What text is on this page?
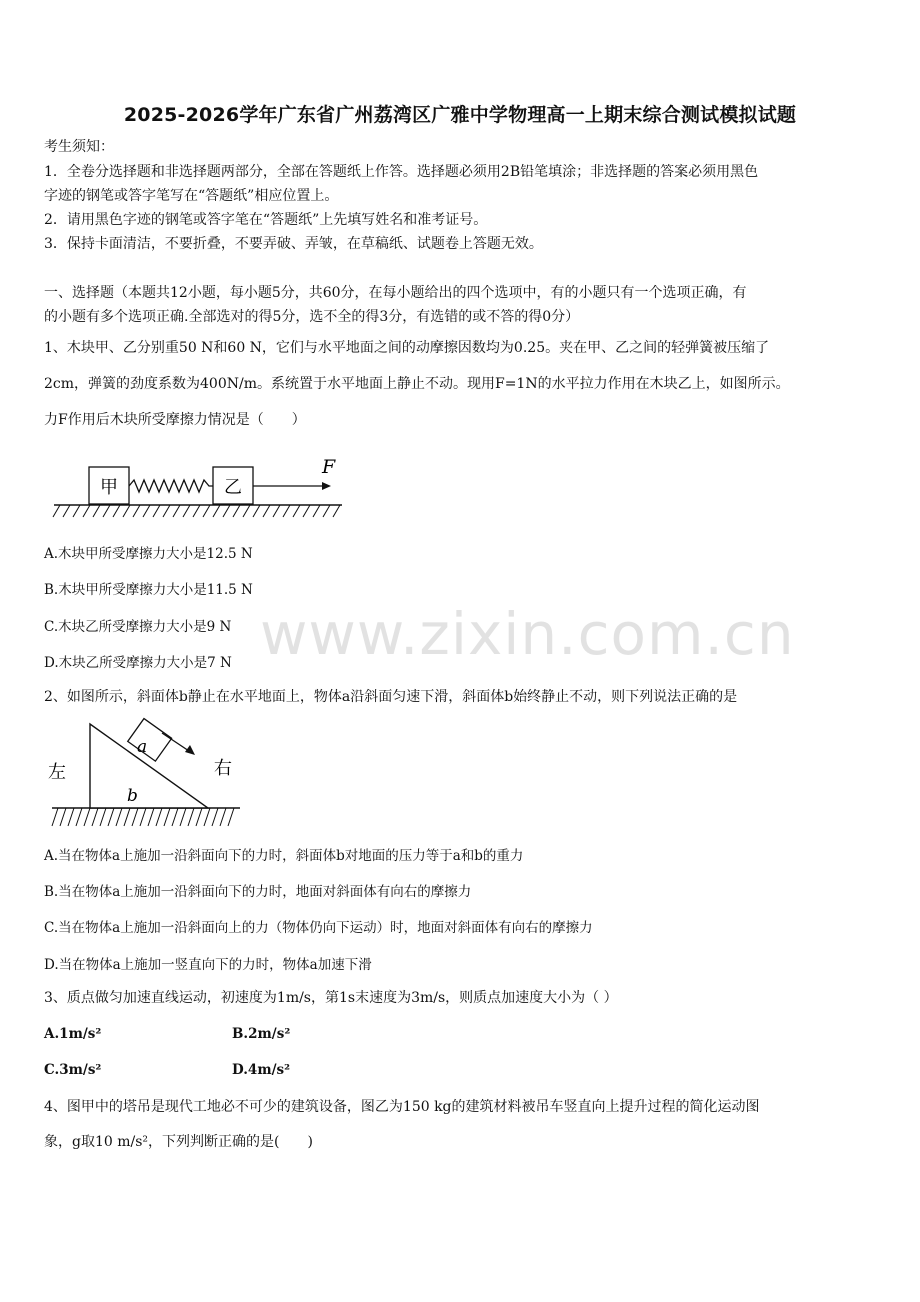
2025-2026学年广东省广州荔湾区广雅中学物理高一上期末综合测试模拟试题
考生须知：
1．全卷分选择题和非选择题两部分，全部在答题纸上作答。选择题必须用2B铅笔填涂；非选择题的答案必须用黑色
字迹的钢笔或答字笔写在“答题纸”相应位置上。
2．请用黑色字迹的钢笔或答字笔在“答题纸”上先填写姓名和准考证号。
3．保持卡面清洁，不要折叠，不要弄破、弄皱，在草稿纸、试题卷上答题无效。
一、选择题（本题共12小题，每小题5分，共60分，在每小题给出的四个选项中，有的小题只有一个选项正确，有
的小题有多个选项正确.全部选对的得5分，选不全的得3分，有选错的或不答的得0分）
1、木块甲、乙分别重50 N和60 N，它们与水平地面之间的动摩擦因数均为0.25。夹在甲、乙之间的轻弹簧被压缩了
2cm，弹簧的劲度系数为400N/m。系统置于水平地面上静止不动。现用F=1N的水平拉力作用在木块乙上，如图所示。
力F作用后木块所受摩擦力情况是（　　）
甲	乙
F
A.木块甲所受摩擦力大小是12.5 N
B.木块甲所受摩擦力大小是11.5 N
C.木块乙所受摩擦力大小是9 N
D.木块乙所受摩擦力大小是7 N
2、如图所示，斜面体b静止在水平地面上，物体a沿斜面匀速下滑，斜面体b始终静止不动，则下列说法正确的是
a
左	右
b
A.当在物体a上施加一沿斜面向下的力时，斜面体b对地面的压力等于a和b的重力
B.当在物体a上施加一沿斜面向下的力时，地面对斜面体有向右的摩擦力
C.当在物体a上施加一沿斜面向上的力（物体仍向下运动）时，地面对斜面体有向右的摩擦力
D.当在物体a上施加一竖直向下的力时，物体a加速下滑
3、质点做匀加速直线运动，初速度为1m/s，第1s末速度为3m/s，则质点加速度大小为（ ）
A.1m/s²	B.2m/s²
C.3m/s²	D.4m/s²
4、图甲中的塔吊是现代工地必不可少的建筑设备，图乙为150 kg的建筑材料被吊车竖直向上提升过程的简化运动图
象，g取10 m/s²，下列判断正确的是(　　)
www.zixin.com.cn
